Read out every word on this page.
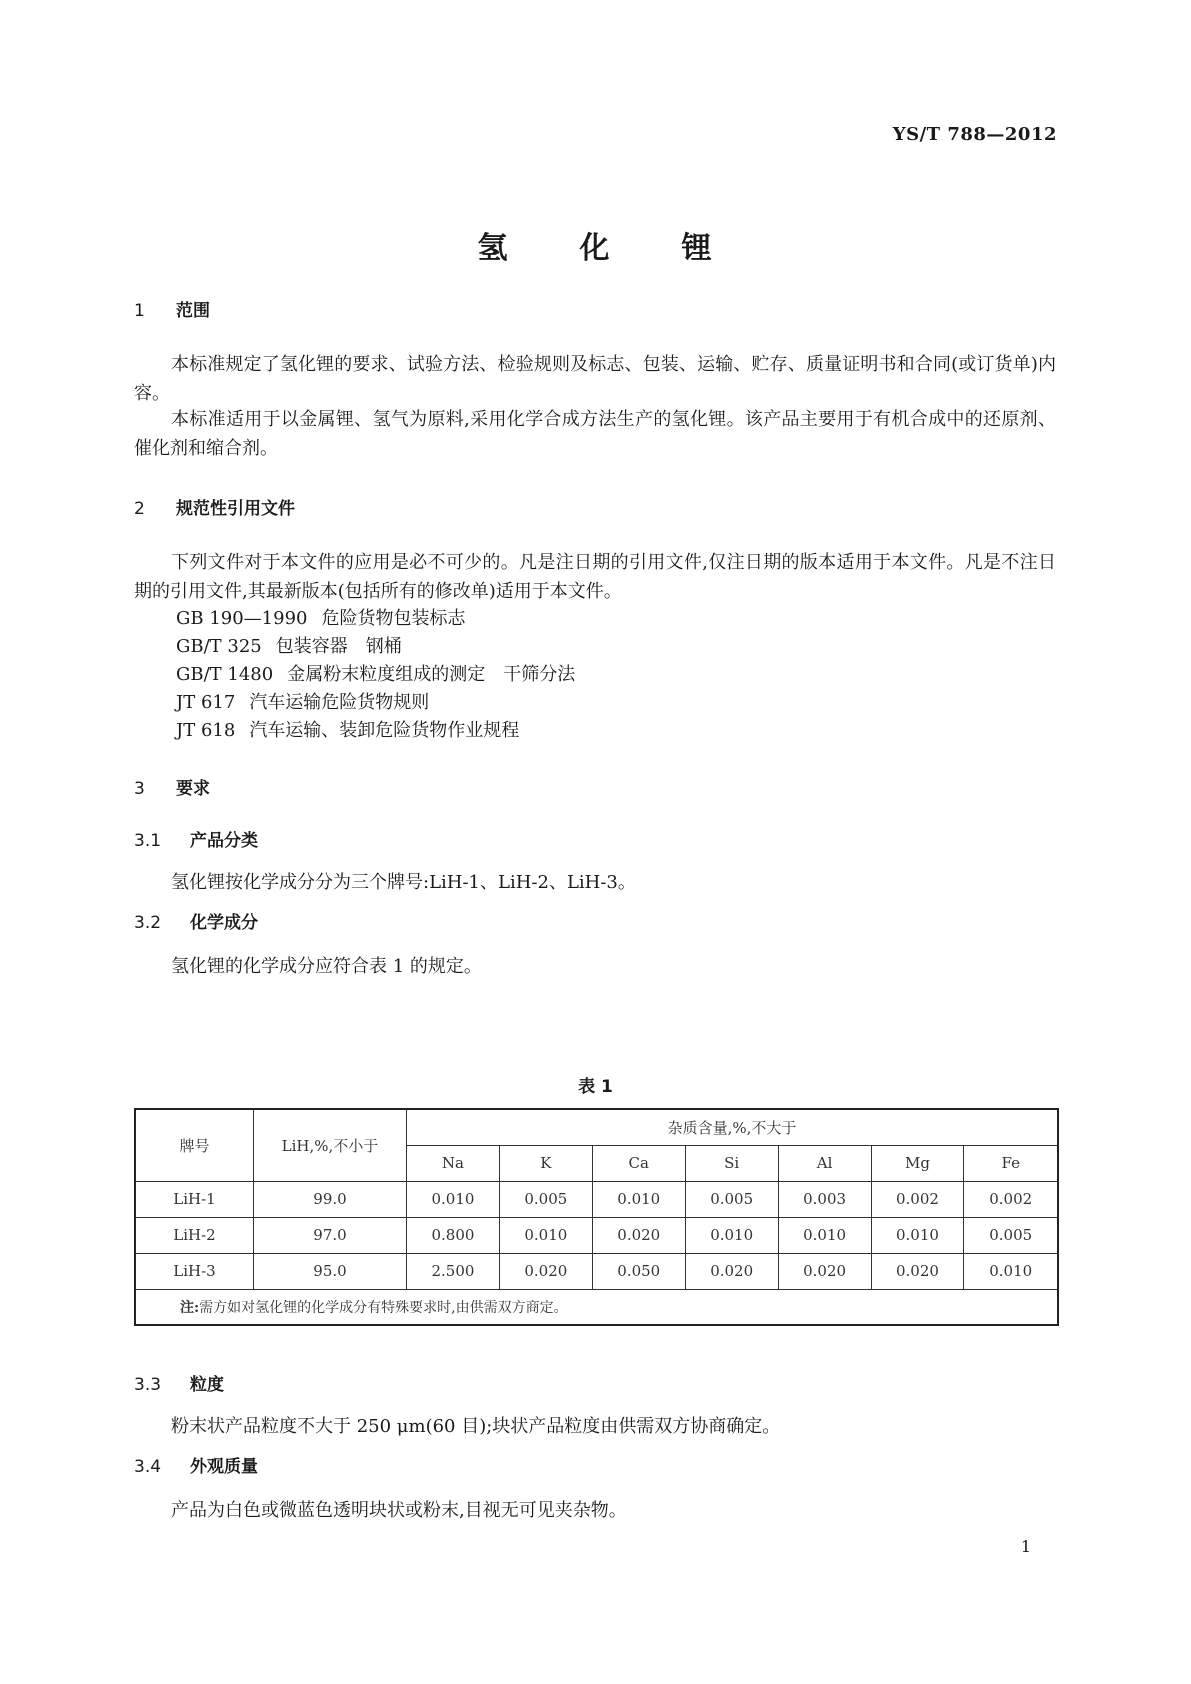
YS/T 788—2012
氢 化 锂
1 范围
本标准规定了氢化锂的要求、试验方法、检验规则及标志、包装、运输、贮存、质量证明书和合同(或订货单)内容。
本标准适用于以金属锂、氢气为原料,采用化学合成方法生产的氢化锂。该产品主要用于有机合成中的还原剂、催化剂和缩合剂。
2 规范性引用文件
下列文件对于本文件的应用是必不可少的。凡是注日期的引用文件,仅注日期的版本适用于本文件。凡是不注日期的引用文件,其最新版本(包括所有的修改单)适用于本文件。
GB 190—1990 危险货物包装标志
GB/T 325 包装容器　钢桶
GB/T 1480 金属粉末粒度组成的测定　干筛分法
JT 617 汽车运输危险货物规则
JT 618 汽车运输、装卸危险货物作业规程
3 要求
3.1 产品分类
氢化锂按化学成分分为三个牌号:LiH-1、LiH-2、LiH-3。
3.2 化学成分
氢化锂的化学成分应符合表 1 的规定。
表 1
牌号	LiH,%,不小于	杂质含量,%,不大于						
		Na	K	Ca	Si	Al	Mg	Fe
LiH-1	99.0	0.010	0.005	0.010	0.005	0.003	0.002	0.002
LiH-2	97.0	0.800	0.010	0.020	0.010	0.010	0.010	0.005
LiH-3	95.0	2.500	0.020	0.050	0.020	0.020	0.020	0.010
注:需方如对氢化锂的化学成分有特殊要求时,由供需双方商定。								
3.3 粒度
粉末状产品粒度不大于 250 μm(60 目);块状产品粒度由供需双方协商确定。
3.4 外观质量
产品为白色或微蓝色透明块状或粉末,目视无可见夹杂物。
1
